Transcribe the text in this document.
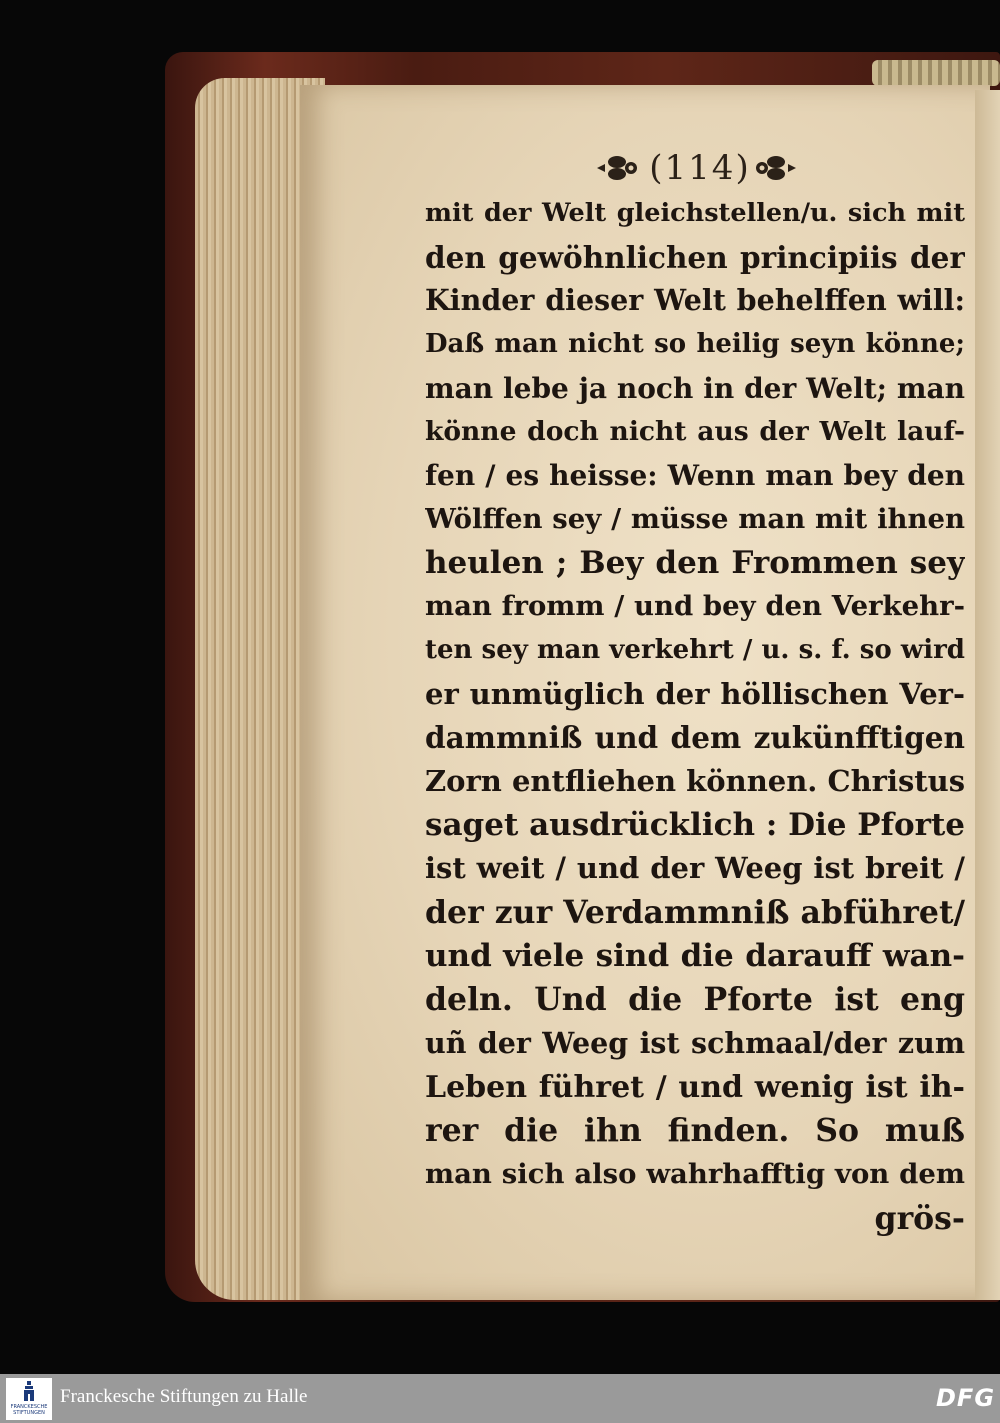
(114)
mit der Welt gleichstellen/u. sich mit
den gewöhnlichen principiis der
Kinder dieser Welt behelffen will:
Daß man nicht so heilig seyn könne;
man lebe ja noch in der Welt; man
könne doch nicht aus der Welt lauf-
fen / es heisse: Wenn man bey den
Wölffen sey / müsse man mit ihnen
heulen ; Bey den Frommen sey
man fromm / und bey den Verkehr-
ten sey man verkehrt / u. s. f. so wird
er unmüglich der höllischen Ver-
dammniß und dem zukünfftigen
Zorn entfliehen können. Christus
saget ausdrücklich : Die Pforte
ist weit / und der Weeg ist breit /
der zur Verdammniß abführet/
und viele sind die darauff wan-
deln. Und die Pforte ist eng
uñ der Weeg ist schmaal/der zum
Leben führet / und wenig ist ih-
rer die ihn finden. So muß
man sich also wahrhafftig von dem
grös-
FRANCKESCHE STIFTUNGEN
Franckesche Stiftungen zu Halle	DFG
